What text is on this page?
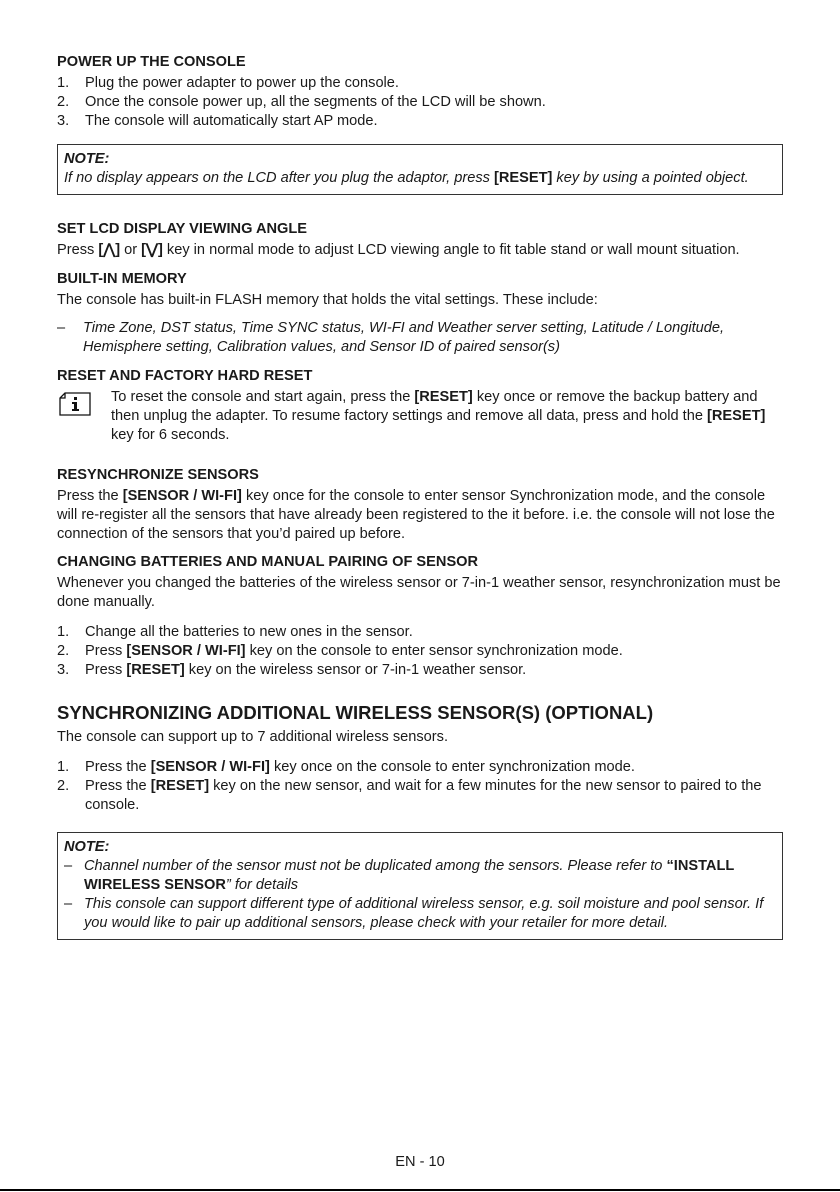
POWER UP THE CONSOLE
1. Plug the power adapter to power up the console.
2. Once the console power up, all the segments of the LCD will be shown.
3. The console will automatically start AP mode.
NOTE:
If no display appears on the LCD after you plug the adaptor, press [RESET] key by using a pointed object.
SET LCD DISPLAY VIEWING ANGLE

Press [⋀] or [⋁] key in normal mode to adjust LCD viewing angle to fit table stand or wall mount situation.

BUILT-IN MEMORY

The console has built-in FLASH memory that holds the vital settings. These include:

– Time Zone, DST status, Time SYNC status, WI-FI and Weather server setting, Latitude / Longitude, Hemisphere setting, Calibration values, and Sensor ID of paired sensor(s)
RESET AND FACTORY HARD RESET

To reset the console and start again, press the [RESET] key once or remove the backup battery and then unplug the adapter. To resume factory settings and remove all data, press and hold the [RESET] key for 6 seconds.

RESYNCHRONIZE SENSORS

Press the [SENSOR / WI-FI] key once for the console to enter sensor Synchronization mode, and the console will re-register all the sensors that have already been registered to the it before. i.e. the console will not lose the connection of the sensors that you’d paired up before.

CHANGING BATTERIES AND MANUAL PAIRING OF SENSOR

Whenever you changed the batteries of the wireless sensor or 7-in-1 weather sensor, resynchronization must be done manually.

1. Change all the batteries to new ones in the sensor.
2. Press [SENSOR / WI-FI] key on the console to enter sensor synchronization mode.
3. Press [RESET] key on the wireless sensor or 7-in-1 weather sensor.
SYNCHRONIZING ADDITIONAL WIRELESS SENSOR(S) (OPTIONAL)

The console can support up to 7 additional wireless sensors.

1. Press the [SENSOR / WI-FI] key once on the console to enter synchronization mode.
2. Press the [RESET] key on the new sensor, and wait for a few minutes for the new sensor to paired to the console.
NOTE:
– Channel number of the sensor must not be duplicated among the sensors. Please refer to “INSTALL WIRELESS SENSOR” for details
– This console can support different type of additional wireless sensor, e.g. soil moisture and pool sensor. If you would like to pair up additional sensors, please check with your retailer for more detail.
EN - 10
